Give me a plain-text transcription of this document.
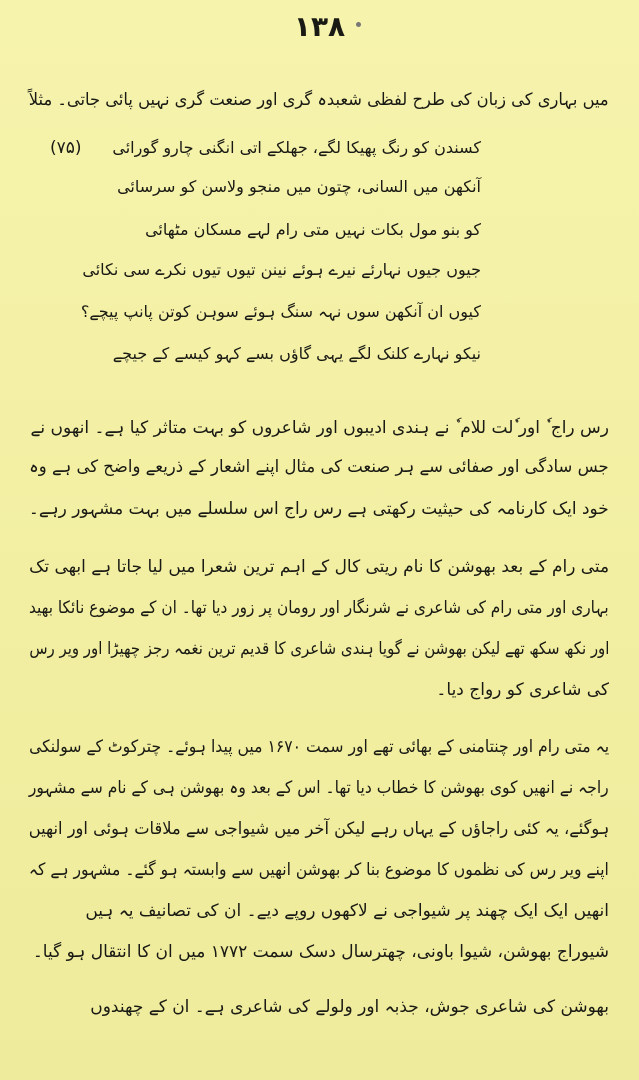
۱۳۸
میں بہاری کی زبان کی طرح لفظی شعبدہ گری اور صنعت گری نہیں پائی جاتی۔ مثلاً
(۷۵) کسندن کو رنگ پھیکا لگے، جھلکے اتی انگنی چارو گورائی
آنکھن میں السانی، چتون میں منجو ولاسن کو سرسائی
کو بنو مول بکات نہیں متی رام لہے مسکان مٹھائی
جیوں جیوں نہارئے نیرے ہوئے نینن تیوں تیوں نکرے سی نکائی
کیوں ان آنکھن سوں نہہ سنگ ہوئے سوہن کوتن پانپ پیچے؟
نیکو نہارے کلنک لگے یہی گاؤں بسے کہو کیسے کے جیچے
رس راج ٗ اور ٗلت للام ٗ نے ہندی ادیبوں اور شاعروں کو بہت متاثر کیا ہے۔ انھوں نے
جس سادگی اور صفائی سے ہر صنعت کی مثال اپنے اشعار کے ذریعے واضح کی ہے وہ
خود ایک کارنامہ کی حیثیت رکھتی ہے رس راج اس سلسلے میں بہت مشہور رہے۔
متی رام کے بعد بھوشن کا نام ریتی کال کے اہم ترین شعرا میں لیا جاتا ہے ابھی تک
بہاری اور متی رام کی شاعری نے شرنگار اور رومان پر زور دیا تھا۔ ان کے موضوع نائکا بھید
اور نکھ سکھ تھے لیکن بھوشن نے گویا ہندی شاعری کا قدیم ترین نغمہ رجز چھیڑا اور ویر رس
کی شاعری کو رواج دیا۔
یہ متی رام اور چنتامنی کے بھائی تھے اور سمت ۱۶۷۰ میں پیدا ہوئے۔ چترکوٹ کے سولنکی
راجہ نے انھیں کوی بھوشن کا خطاب دیا تھا۔ اس کے بعد وہ بھوشن ہی کے نام سے مشہور
ہوگئے، یہ کئی راجاؤں کے یہاں رہے لیکن آخر میں شیواجی سے ملاقات ہوئی اور انھیں
اپنے ویر رس کی نظموں کا موضوع بنا کر بھوشن انھیں سے وابستہ ہو گئے۔ مشہور ہے کہ
انھیں ایک ایک چھند پر شیواجی نے لاکھوں روپے دیے۔ ان کی تصانیف یہ ہیں
شیوراج بھوشن، شیوا باونی، چھترسال دسک سمت ۱۷۷۲ میں ان کا انتقال ہو گیا۔
بھوشن کی شاعری جوش، جذبہ اور ولولے کی شاعری ہے۔ ان کے چھندوں
